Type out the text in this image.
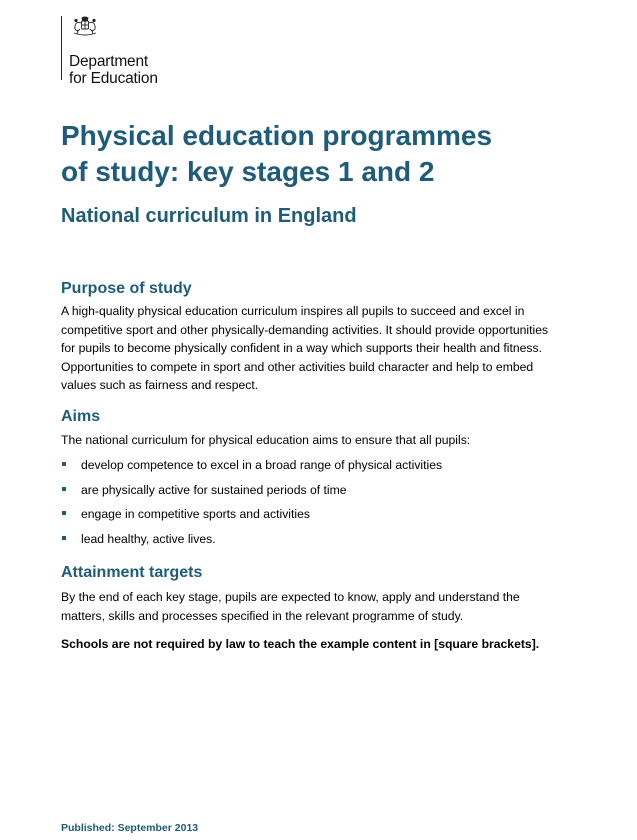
Department
for Education
Physical education programmes
of study: key stages 1 and 2
National curriculum in England
Purpose of study
A high-quality physical education curriculum inspires all pupils to succeed and excel in
competitive sport and other physically-demanding activities. It should provide opportunities
for pupils to become physically confident in a way which supports their health and fitness.
Opportunities to compete in sport and other activities build character and help to embed
values such as fairness and respect.
Aims
The national curriculum for physical education aims to ensure that all pupils:
develop competence to excel in a broad range of physical activities
are physically active for sustained periods of time
engage in competitive sports and activities
lead healthy, active lives.
Attainment targets
By the end of each key stage, pupils are expected to know, apply and understand the
matters, skills and processes specified in the relevant programme of study.

Schools are not required by law to teach the example content in [square brackets].

Published: September 2013
